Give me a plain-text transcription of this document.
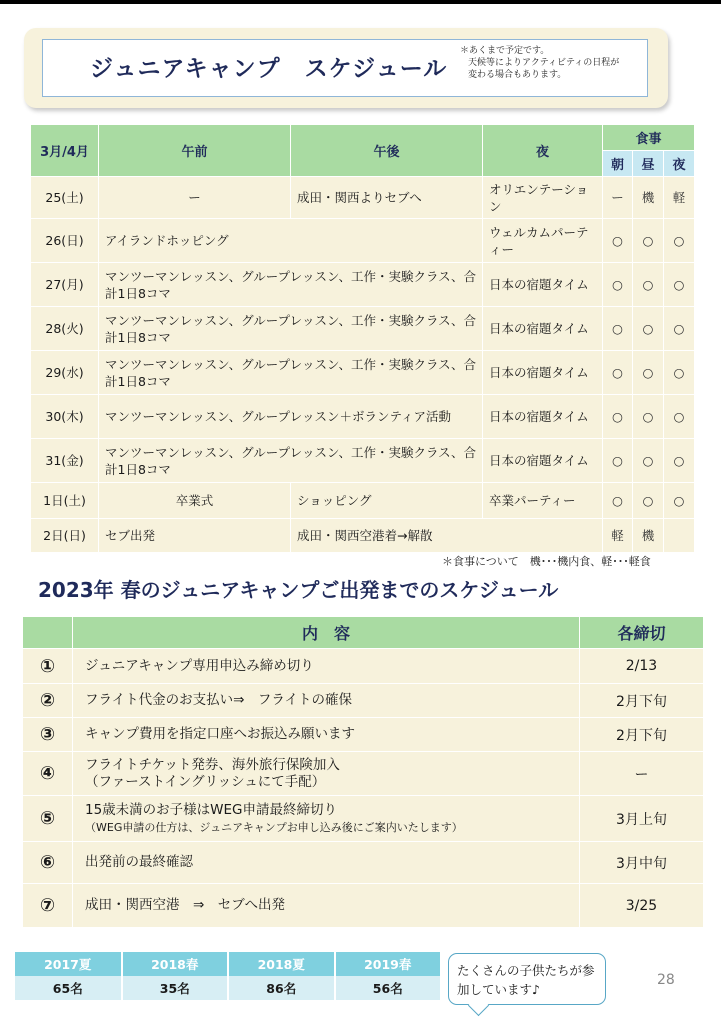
ジュニアキャンプ　スケジュール
＊あくまで予定です。
天候等によりアクティビティの日程が
変わる場合もあります。
3月/4月	午前	午後	夜	食事		
				朝	昼	夜
25(土)	ー	成田・関西よりセブへ	オリエンテーション	ー	機	軽
26(日)	アイランドホッピング		ウェルカムパーティー	○	○	○
27(月)	マンツーマンレッスン、グループレッスン、工作・実験クラス、合計1日8コマ		日本の宿題タイム	○	○	○
28(火)	マンツーマンレッスン、グループレッスン、工作・実験クラス、合計1日8コマ		日本の宿題タイム	○	○	○
29(水)	マンツーマンレッスン、グループレッスン、工作・実験クラス、合計1日8コマ		日本の宿題タイム	○	○	○
30(木)	マンツーマンレッスン、グループレッスン＋ボランティア活動		日本の宿題タイム	○	○	○
31(金)	マンツーマンレッスン、グループレッスン、工作・実験クラス、合計1日8コマ		日本の宿題タイム	○	○	○
1日(土)	卒業式	ショッピング	卒業パーティー	○	○	○
2日(日)	セブ出発	成田・関西空港着→解散		軽	機	
＊食事について　機･･･機内食、軽･･･軽食
2023年 春のジュニアキャンプご出発までのスケジュール
	内　容	各締切
①	ジュニアキャンプ専用申込み締め切り	2/13
②	フライト代金のお支払い⇒　フライトの確保	2月下旬
③	キャンプ費用を指定口座へお振込み願います	2月下旬
④	フライトチケット発券、海外旅行保険加入
（ファーストイングリッシュにて手配）	ー
⑤	15歳未満のお子様はWEG申請最終締切り
（WEG申請の仕方は、ジュニアキャンプお申し込み後にご案内いたします）	3月上旬
⑥	出発前の最終確認	3月中旬
⑦	成田・関西空港　⇒　セブへ出発	3/25
2017夏	2018春	2018夏	2019春
65名	35名	86名	56名
たくさんの子供たちが参
加しています♪
28
